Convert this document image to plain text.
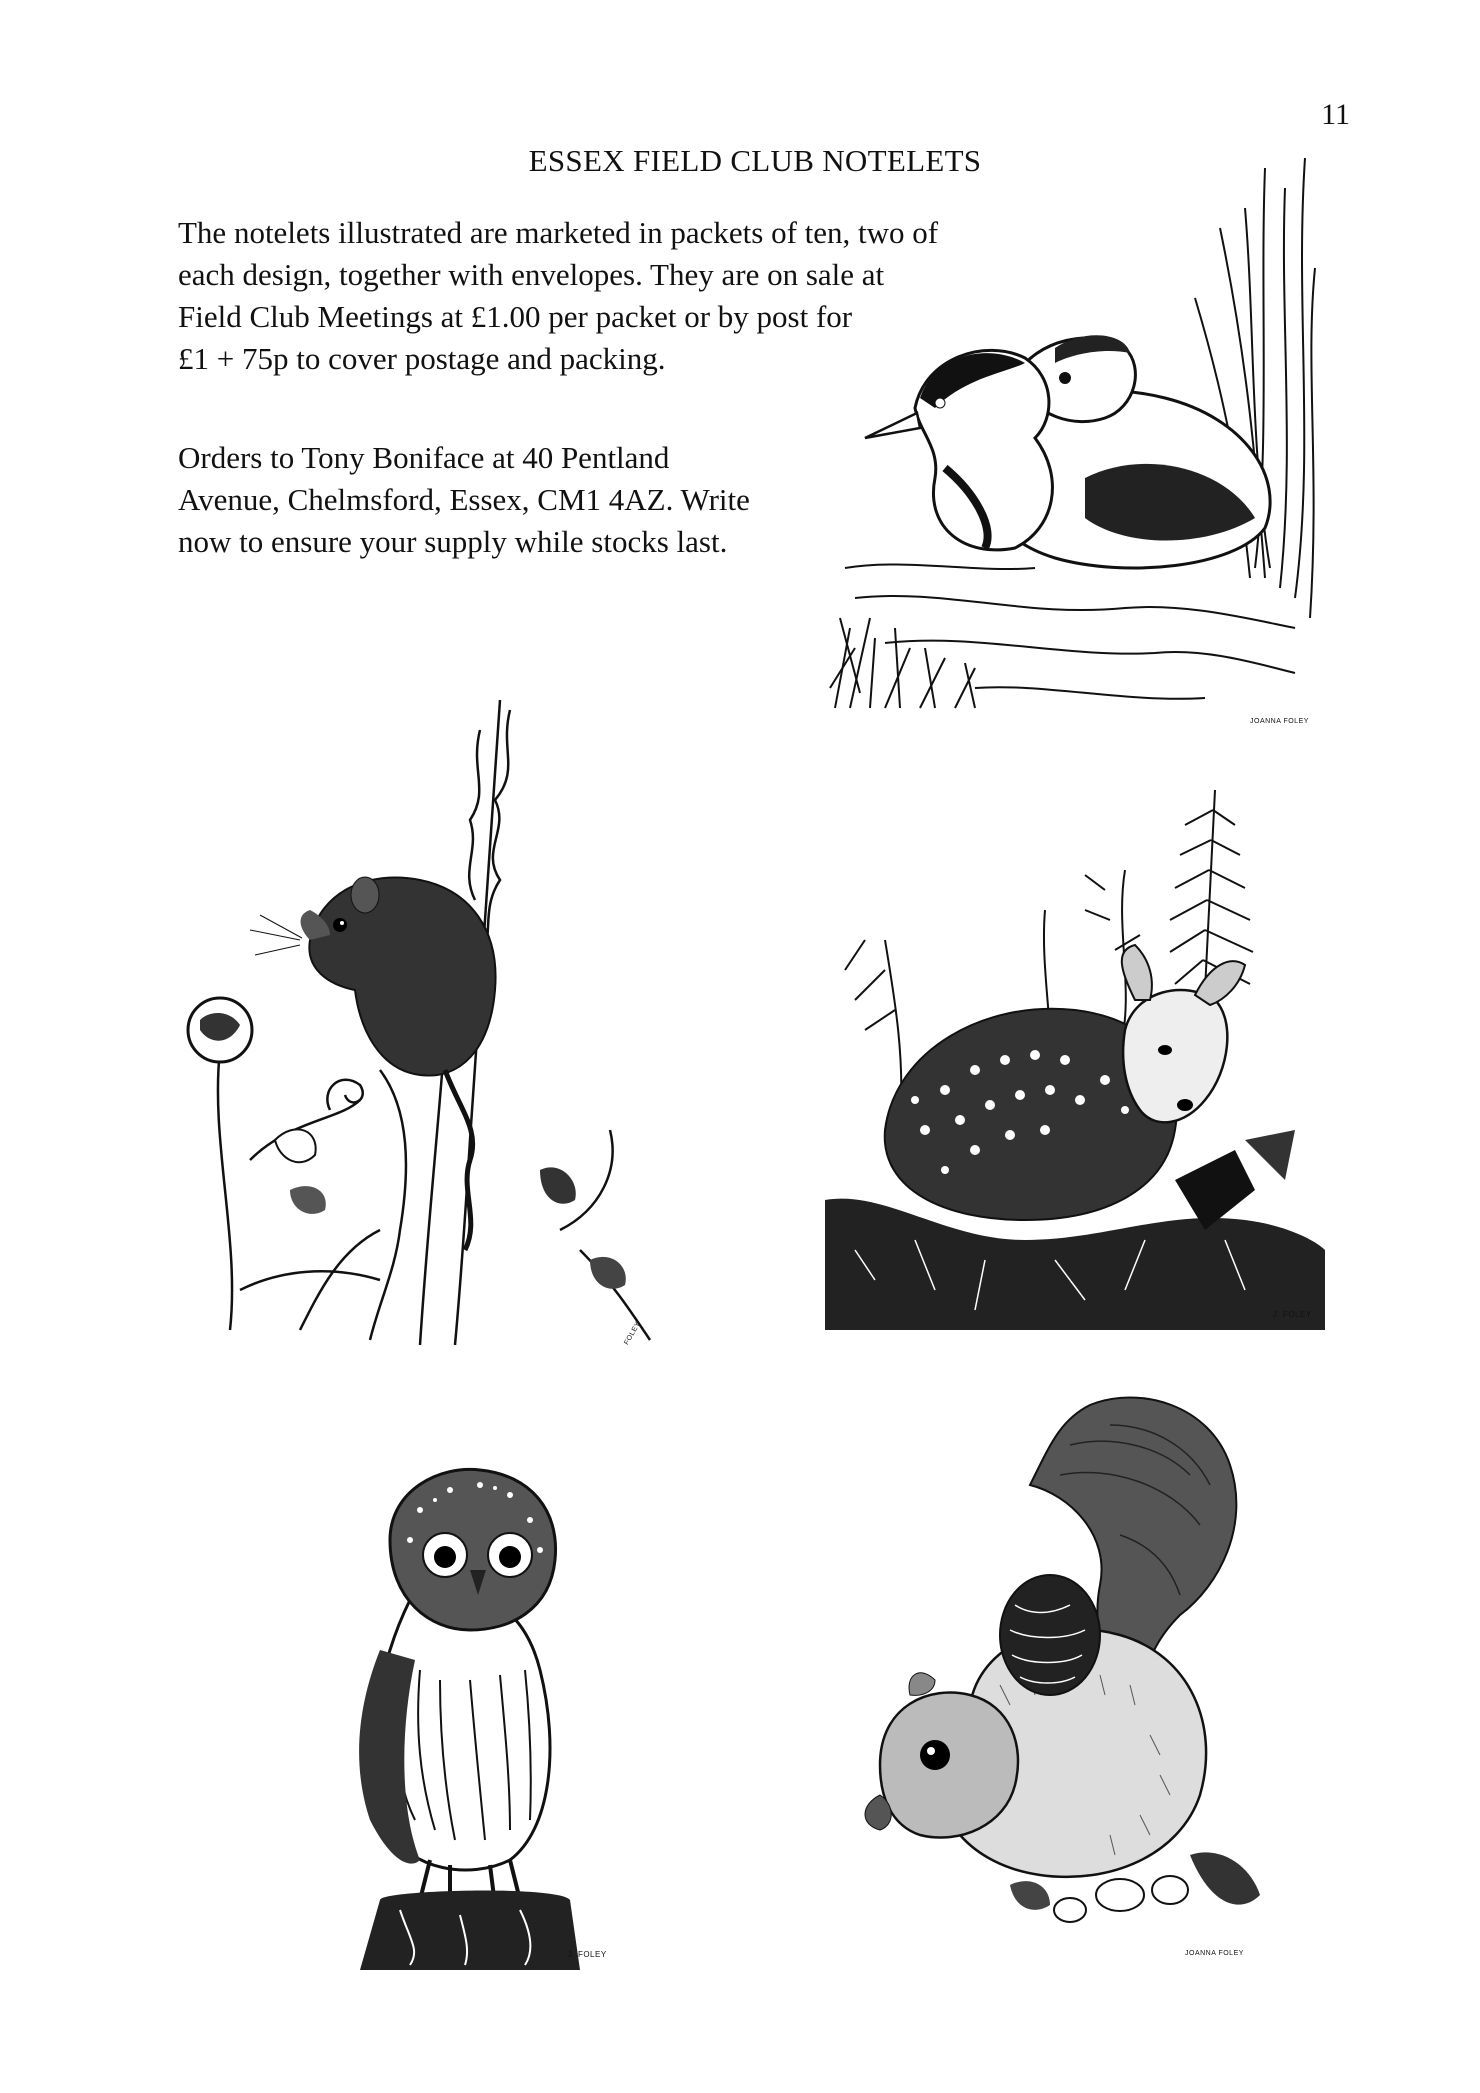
11
ESSEX FIELD CLUB NOTELETS

The notelets illustrated are marketed in packets of ten, two of
each design, together with envelopes. They are on sale at
Field Club Meetings at £1.00 per packet or by post for
£1 + 75p to cover postage and packing.

Orders to Tony Boniface at 40 Pentland
Avenue, Chelmsford, Essex, CM1 4AZ. Write
now to ensure your supply while stocks last.

JOANNA FOLEY
FOLEY
J. FOLEY
J. FOLEY	JOANNA FOLEY
